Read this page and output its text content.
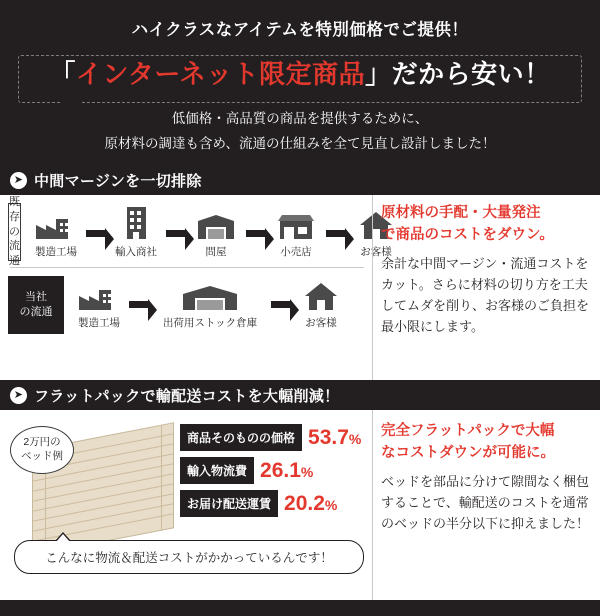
ハイクラスなアイテムを特別価格でご提供！
「インターネット限定商品」だから安い！
低価格・高品質の商品を提供するために、
原材料の調達も含め、流通の仕組みを全て見直し設計しました！
➤ 中間マージンを一切排除
既存
の流通
製造工場	輸入商社	問屋	小売店	お客様
当社
の流通
製造工場	出荷用ストック倉庫	お客様
原材料の手配・大量発注
で商品のコストをダウン。
余計な中間マージン・流通コストをカット。さらに材料の切り方を工夫してムダを削り、お客様のご負担を最小限にします。
➤ フラットパックで輸配送コストを大幅削減！
2万円の
ベッド例
商品そのものの価格 53.7%
輸入物流費 26.1%
お届け配送運賃 20.2%
こんなに物流＆配送コストがかかっているんです！
完全フラットパックで大幅
なコストダウンが可能に。
ベッドを部品に分けて隙間なく梱包することで、輸配送のコストを通常のベッドの半分以下に抑えました！
